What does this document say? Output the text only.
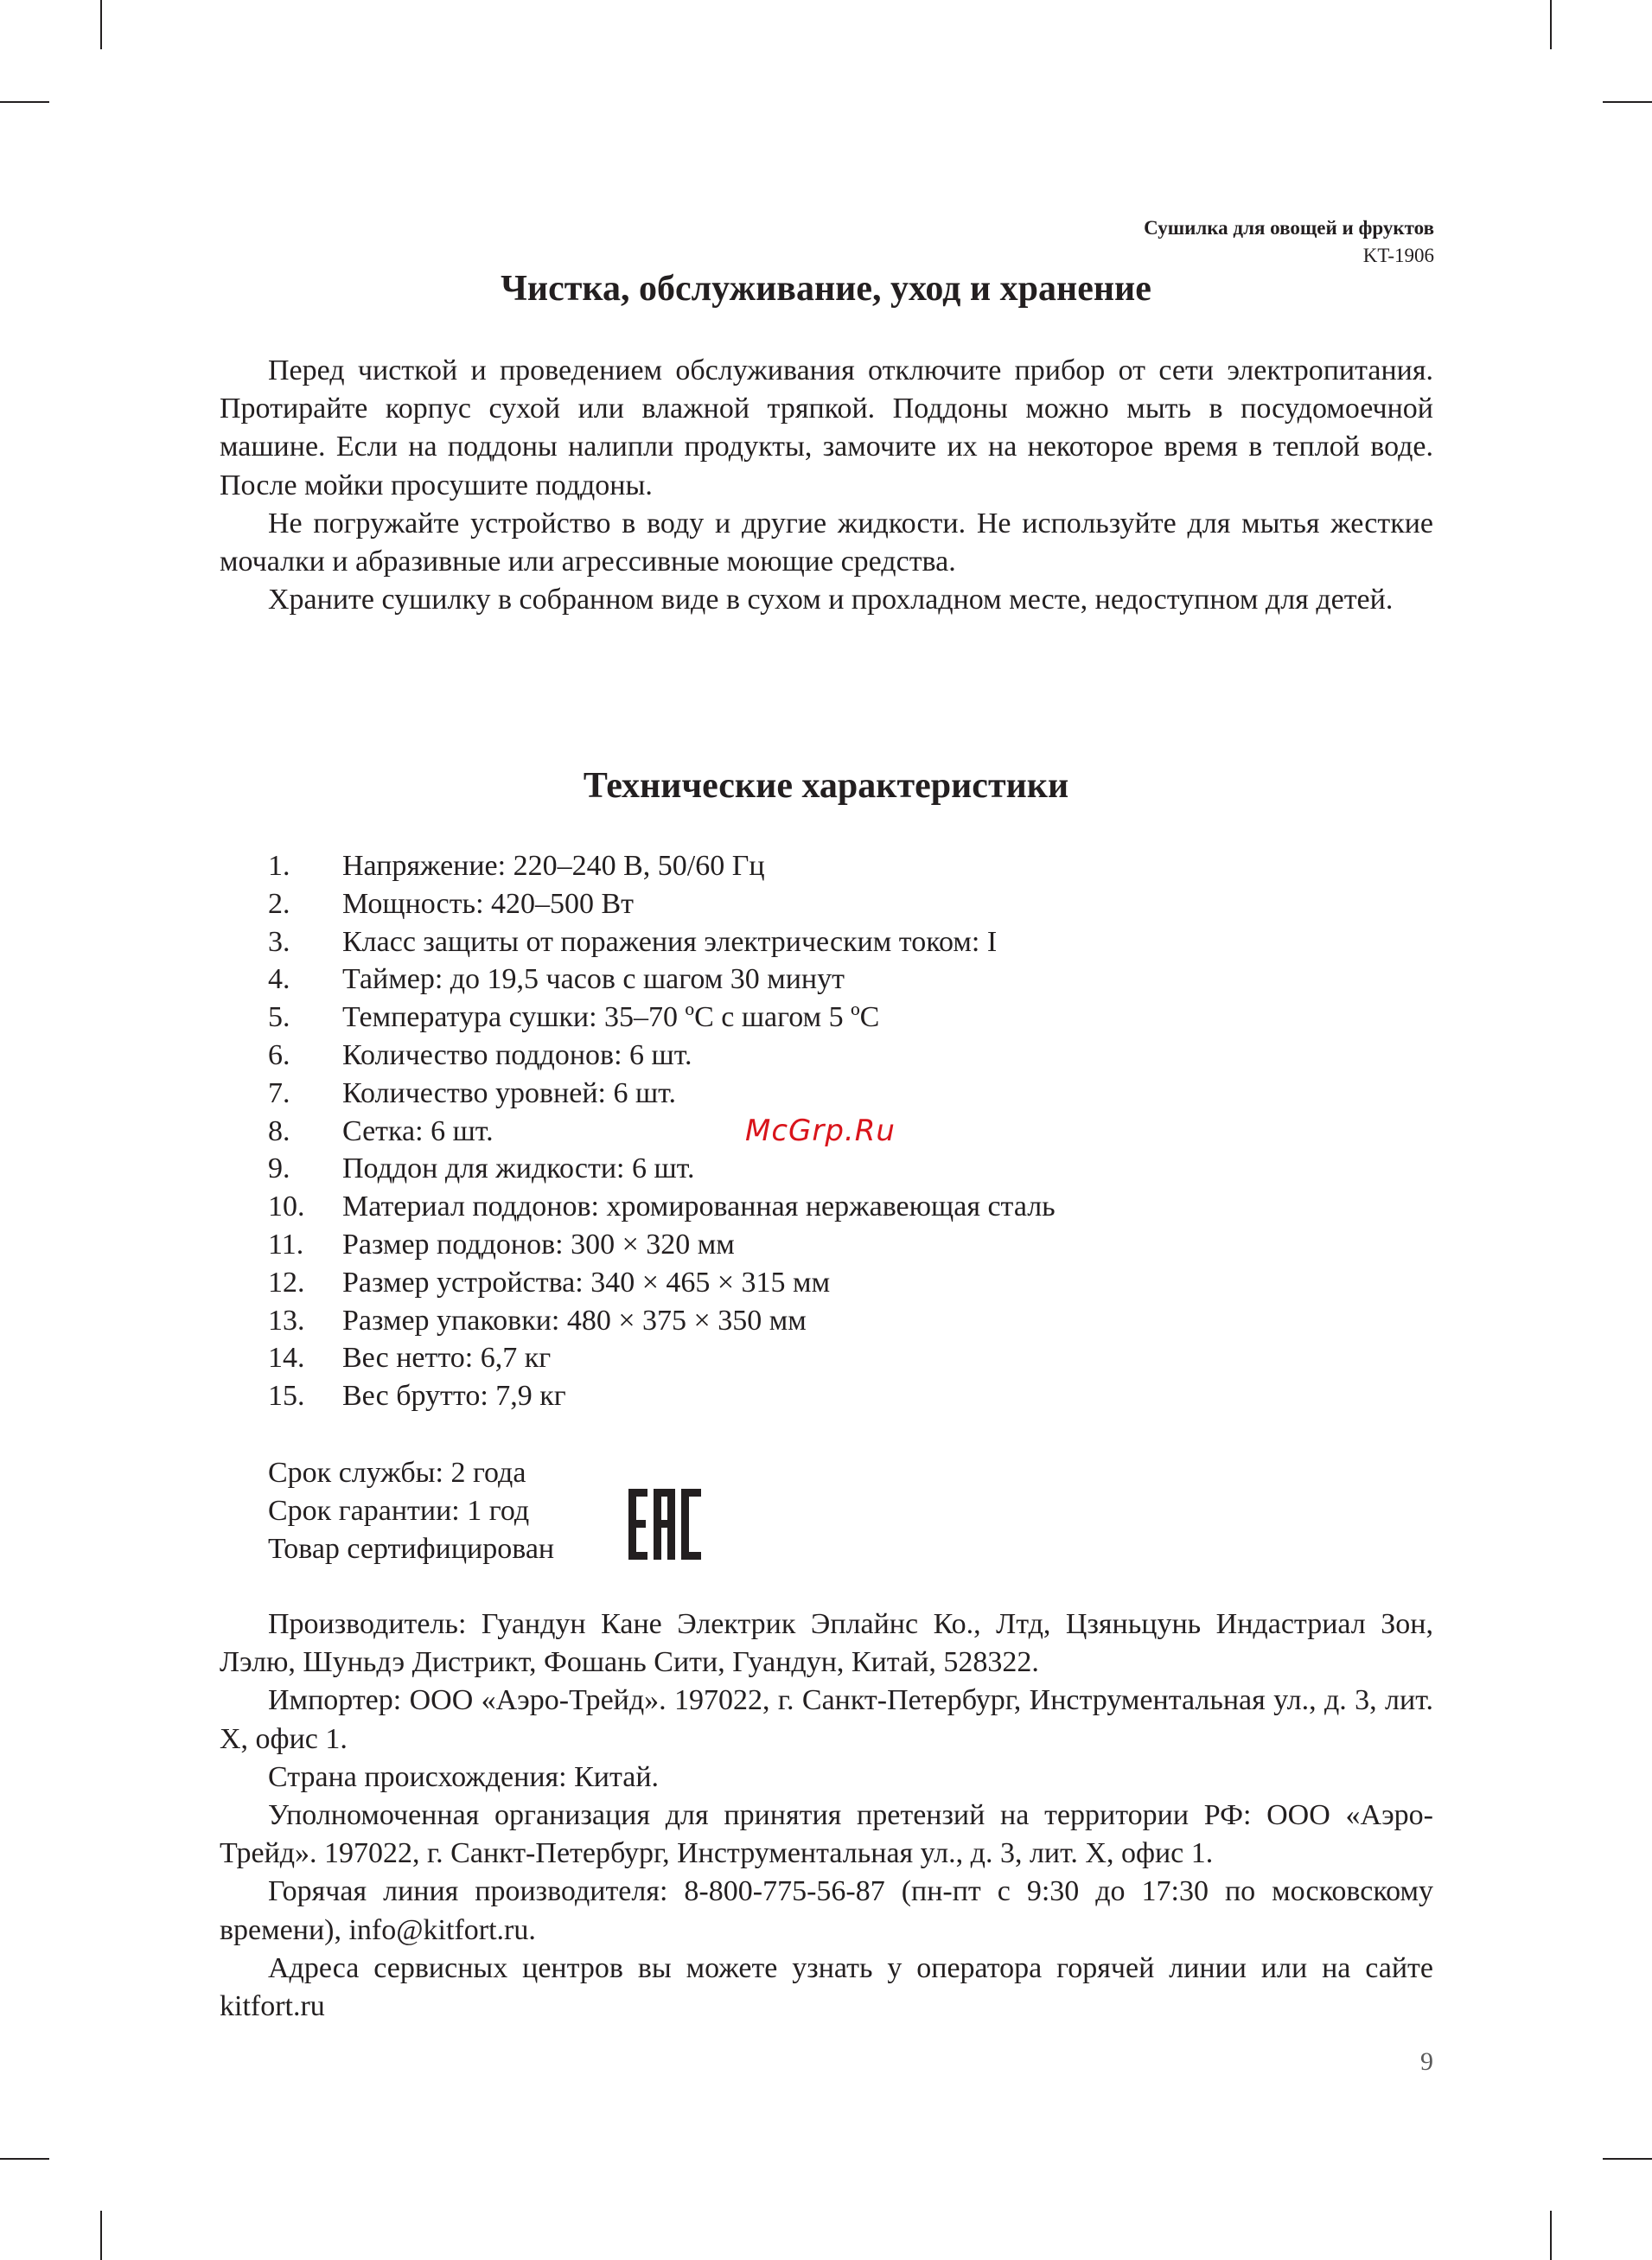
Сушилка для овощей и фруктов
KT-1906
Чистка, обслуживание, уход и хранение

Перед чисткой и проведением обслуживания отключите прибор от сети электропитания. Протирайте корпус сухой или влажной тряпкой. Поддоны можно мыть в посудомоечной машине. Если на поддоны налипли продукты, замочите их на некоторое время в теплой воде. После мойки просушите поддоны.

Не погружайте устройство в воду и другие жидкости. Не используйте для мытья жесткие мочалки и абразивные или агрессивные моющие средства.

Храните сушилку в собранном виде в сухом и прохладном месте, недоступном для детей.

Технические характеристики
1.	Напряжение: 220–240 В, 50/60 Гц
2.	Мощность: 420–500 Вт
3.	Класс защиты от поражения электрическим током: I
4.	Таймер: до 19,5 часов с шагом 30 минут
5.	Температура сушки: 35–70 ºС с шагом 5 ºС
6.	Количество поддонов: 6 шт.
7.	Количество уровней: 6 шт.
8.	Сетка: 6 шт.
9.	Поддон для жидкости: 6 шт.
10.	Материал поддонов: хромированная нержавеющая сталь
11.	Размер поддонов: 300 × 320 мм
12.	Размер устройства: 340 × 465 × 315 мм
13.	Размер упаковки: 480 × 375 × 350 мм
14.	Вес нетто: 6,7 кг
15.	Вес брутто: 7,9 кг
McGrp.Ru
Срок службы: 2 года
Срок гарантии: 1 год
Товар сертифицирован

Производитель: Гуандун Кане Электрик Эплайнс Ко., Лтд, Цзяньцунь Индастриал Зон, Лэлю, Шуньдэ Дистрикт, Фошань Сити, Гуандун, Китай, 528322.

Импортер: ООО «Аэро-Трейд». 197022, г. Санкт-Петербург, Инструментальная ул., д. 3, лит. Х, офис 1.

Страна происхождения: Китай.

Уполномоченная организация для принятия претензий на территории РФ: ООО «Аэро-Трейд». 197022, г. Санкт-Петербург, Инструментальная ул., д. 3, лит. Х, офис 1.

Горячая линия производителя: 8-800-775-56-87 (пн-пт с 9:30 до 17:30 по московскому времени), info@kitfort.ru.

Адреса сервисных центров вы можете узнать у оператора горячей линии или на сайте kitfort.ru

9
